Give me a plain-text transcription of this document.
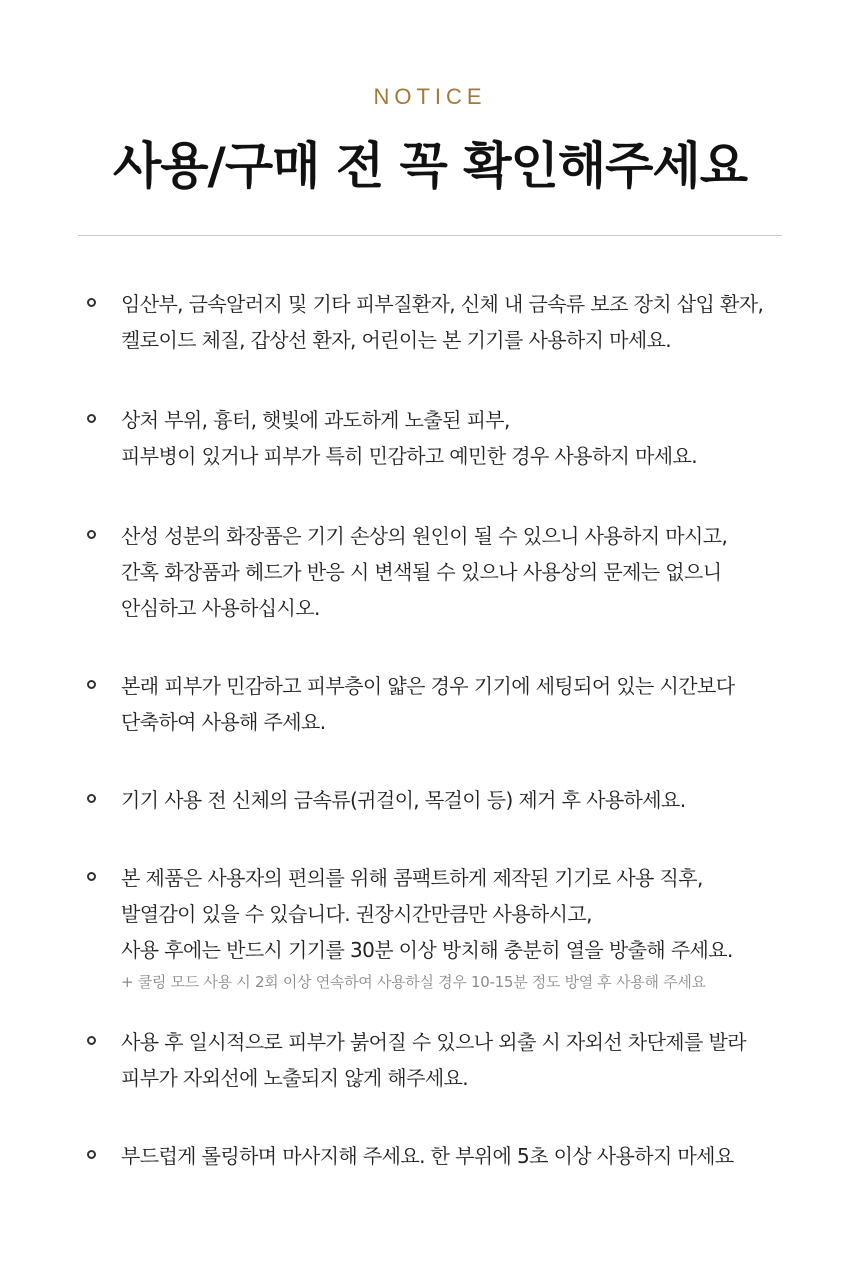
NOTICE
사용/구매 전 꼭 확인해주세요
임산부, 금속알러지 및 기타 피부질환자, 신체 내 금속류 보조 장치 삽입 환자,
켈로이드 체질, 갑상선 환자, 어린이는 본 기기를 사용하지 마세요.
상처 부위, 흉터, 햇빛에 과도하게 노출된 피부,
피부병이 있거나 피부가 특히 민감하고 예민한 경우 사용하지 마세요.
산성 성분의 화장품은 기기 손상의 원인이 될 수 있으니 사용하지 마시고,
간혹 화장품과 헤드가 반응 시 변색될 수 있으나 사용상의 문제는 없으니
안심하고 사용하십시오.
본래 피부가 민감하고 피부층이 얇은 경우 기기에 세팅되어 있는 시간보다
단축하여 사용해 주세요.
기기 사용 전 신체의 금속류(귀걸이, 목걸이 등) 제거 후 사용하세요.
본 제품은 사용자의 편의를 위해 콤팩트하게 제작된 기기로 사용 직후,
발열감이 있을 수 있습니다. 권장시간만큼만 사용하시고,
사용 후에는 반드시 기기를 30분 이상 방치해 충분히 열을 방출해 주세요.
+ 쿨링 모드 사용 시 2회 이상 연속하여 사용하실 경우 10-15분 정도 방열 후 사용해 주세요
사용 후 일시적으로 피부가 붉어질 수 있으나 외출 시 자외선 차단제를 발라
피부가 자외선에 노출되지 않게 해주세요.
부드럽게 롤링하며 마사지해 주세요. 한 부위에 5초 이상 사용하지 마세요
